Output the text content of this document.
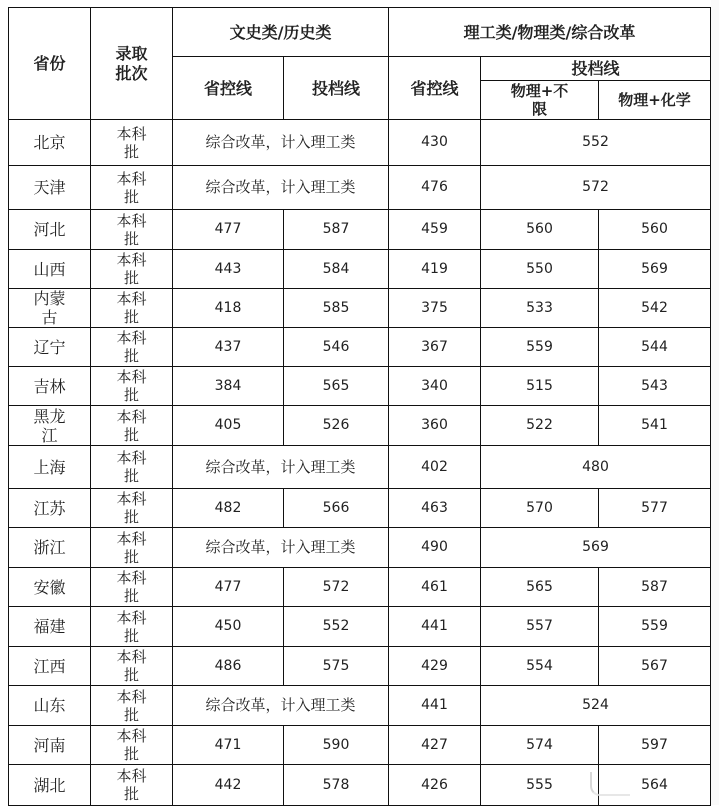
省份	录取批次	文史类/历史类		理工类/物理类/综合改革		
		省控线	投档线	省控线	投档线	
					物理+不限	物理+化学
北京	本科批	综合改革，计入理工类		430	552	
天津	本科批	综合改革，计入理工类		476	572	
河北	本科批	477	587	459	560	560
山西	本科批	443	584	419	550	569
内蒙古	本科批	418	585	375	533	542
辽宁	本科批	437	546	367	559	544
吉林	本科批	384	565	340	515	543
黑龙江	本科批	405	526	360	522	541
上海	本科批	综合改革，计入理工类		402	480	
江苏	本科批	482	566	463	570	577
浙江	本科批	综合改革，计入理工类		490	569	
安徽	本科批	477	572	461	565	587
福建	本科批	450	552	441	557	559
江西	本科批	486	575	429	554	567
山东	本科批	综合改革，计入理工类		441	524	
河南	本科批	471	590	427	574	597
湖北	本科批	442	578	426	555	564
